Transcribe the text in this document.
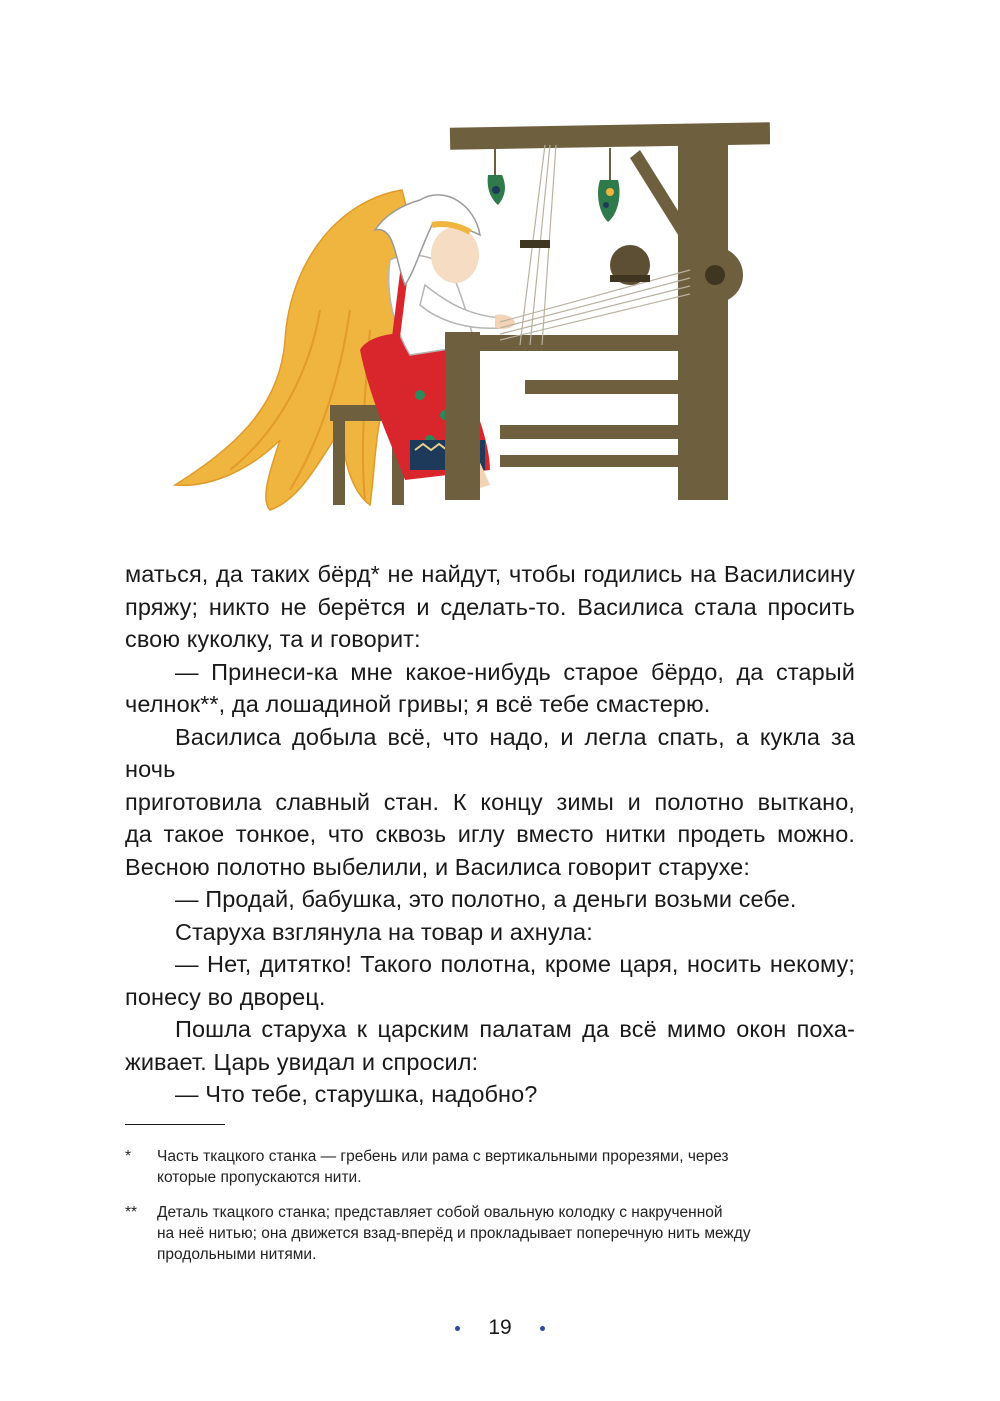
маться, да таких бёрд* не найдут, чтобы годились на Василисину
пряжу; никто не берётся и сделать-то. Василиса стала просить
свою куколку, та и говорит:

— Принеси-ка мне какое-нибудь старое бёрдо, да старый
челнок**, да лошадиной гривы; я всё тебе смастерю.

Василиса добыла всё, что надо, и легла спать, а кукла за ночь
приготовила славный стан. К концу зимы и полотно выткано,
да такое тонкое, что сквозь иглу вместо нитки продеть можно.
Весною полотно выбелили, и Василиса говорит старухе:

— Продай, бабушка, это полотно, а деньги возьми себе.

Старуха взглянула на товар и ахнула:

— Нет, дитятко! Такого полотна, кроме царя, носить некому;
понесу во дворец.

Пошла старуха к царским палатам да всё мимо окон поха-
живает. Царь увидал и спросил:

— Что тебе, старушка, надобно?

* Часть ткацкого станка — гребень или рама с вертикальными прорезями, через
которые пропускаются нити.
** Деталь ткацкого станка; представляет собой овальную колодку с накрученной
на неё нитью; она движется взад-вперёд и прокладывает поперечную нить между
продольными нитями.
19
